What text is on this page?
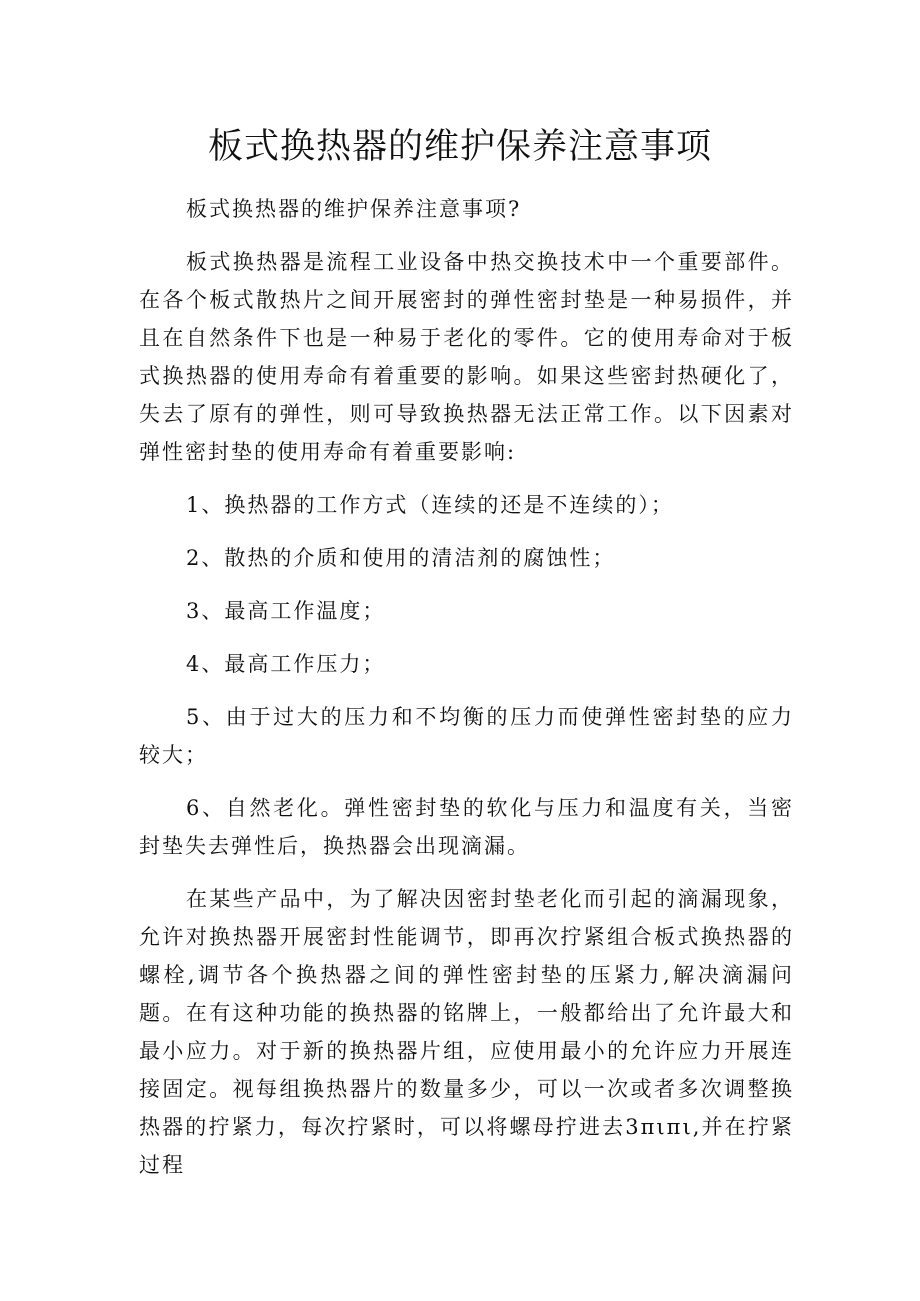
板式换热器的维护保养注意事项

板式换热器的维护保养注意事项?

板式换热器是流程工业设备中热交换技术中一个重要部件。在各个板式散热片之间开展密封的弹性密封垫是一种易损件，并且在自然条件下也是一种易于老化的零件。它的使用寿命对于板式换热器的使用寿命有着重要的影响。如果这些密封热硬化了，失去了原有的弹性，则可导致换热器无法正常工作。以下因素对弹性密封垫的使用寿命有着重要影响:

1、换热器的工作方式（连续的还是不连续的）；

2、散热的介质和使用的清洁剂的腐蚀性；

3、最高工作温度；

4、最高工作压力；

5、由于过大的压力和不均衡的压力而使弹性密封垫的应力较大；

6、自然老化。弹性密封垫的软化与压力和温度有关，当密封垫失去弹性后，换热器会出现滴漏。

在某些产品中，为了解决因密封垫老化而引起的滴漏现象，允许对换热器开展密封性能调节，即再次拧紧组合板式换热器的螺栓,调节各个换热器之间的弹性密封垫的压紧力,解决滴漏问题。在有这种功能的换热器的铭牌上，一般都给出了允许最大和最小应力。对于新的换热器片组，应使用最小的允许应力开展连接固定。视每组换热器片的数量多少，可以一次或者多次调整换热器的拧紧力，每次拧紧时，可以将螺母拧进去3πιπι,并在拧紧过程
